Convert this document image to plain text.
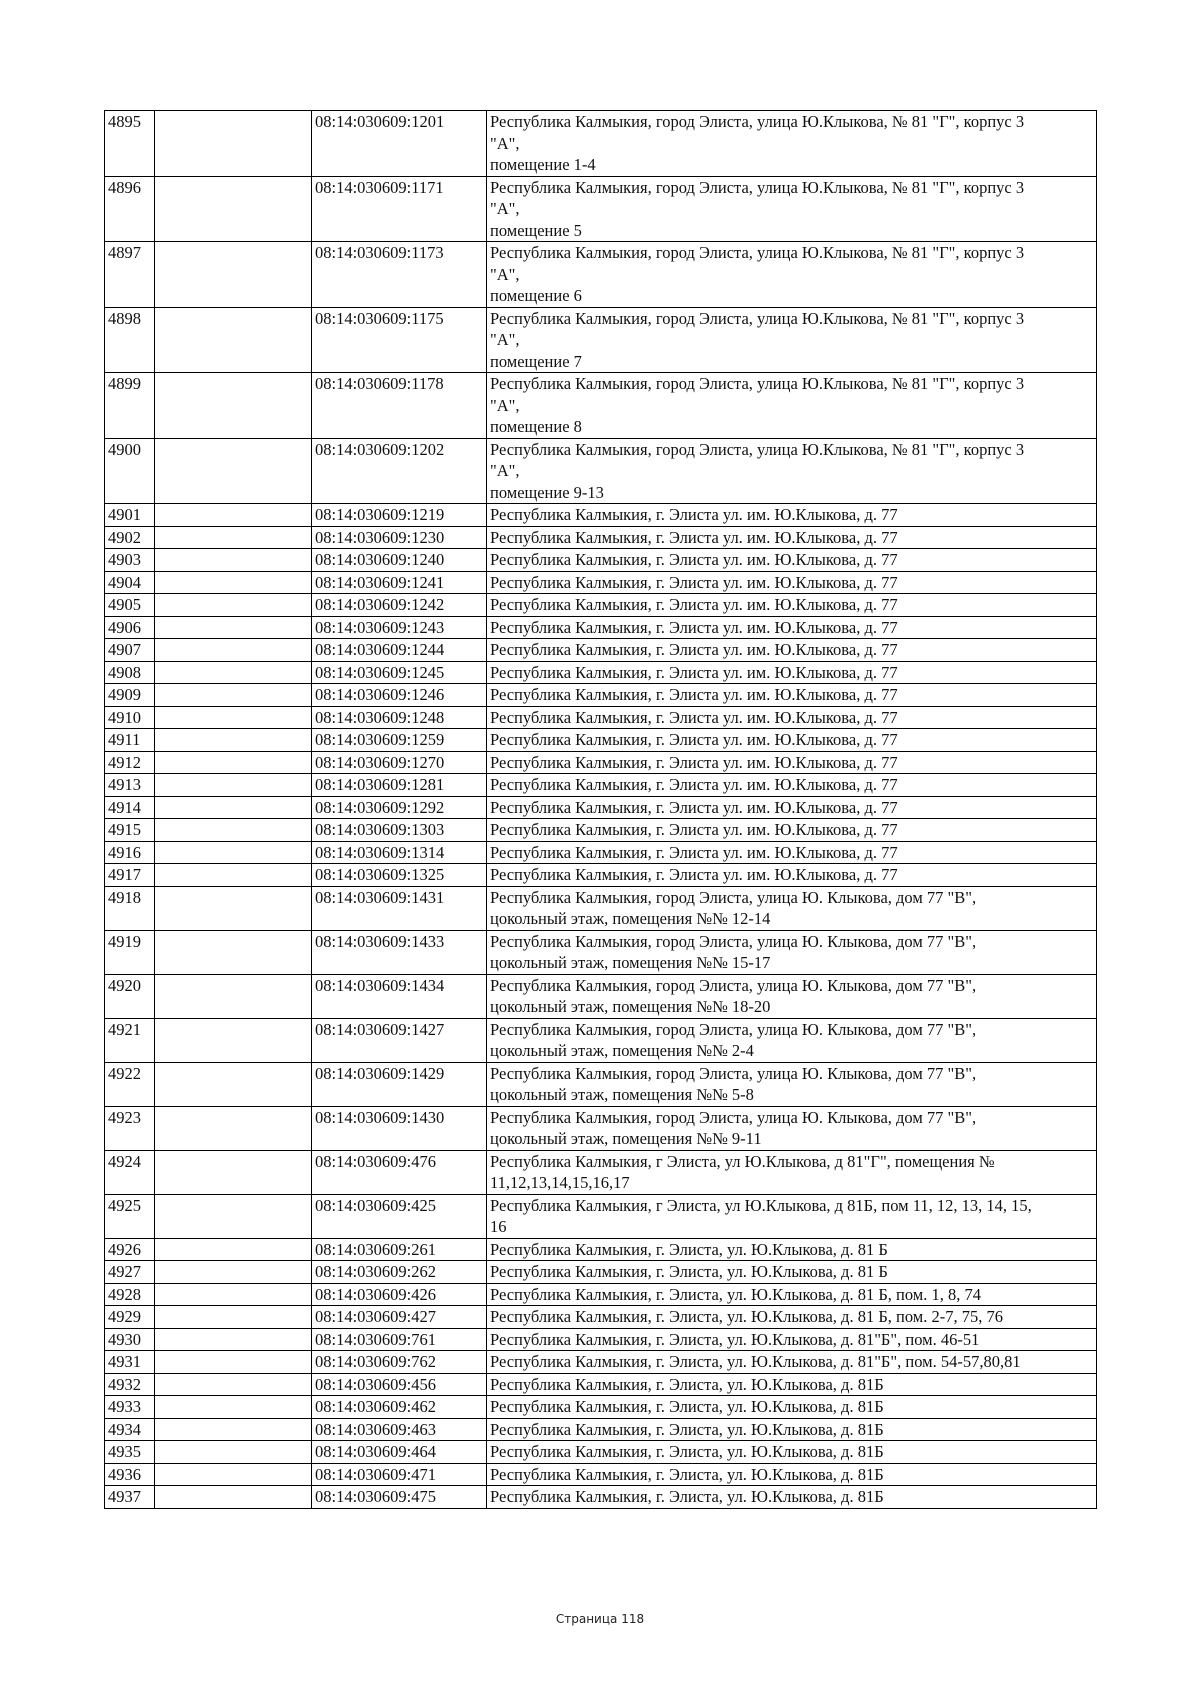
4895		08:14:030609:1201	Республика Калмыкия, город Элиста, улица Ю.Клыкова, № 81 "Г", корпус 3
"А",
помещение 1-4
4896		08:14:030609:1171	Республика Калмыкия, город Элиста, улица Ю.Клыкова, № 81 "Г", корпус 3
"А",
помещение 5
4897		08:14:030609:1173	Республика Калмыкия, город Элиста, улица Ю.Клыкова, № 81 "Г", корпус 3
"А",
помещение 6
4898		08:14:030609:1175	Республика Калмыкия, город Элиста, улица Ю.Клыкова, № 81 "Г", корпус 3
"А",
помещение 7
4899		08:14:030609:1178	Республика Калмыкия, город Элиста, улица Ю.Клыкова, № 81 "Г", корпус 3
"А",
помещение 8
4900		08:14:030609:1202	Республика Калмыкия, город Элиста, улица Ю.Клыкова, № 81 "Г", корпус 3
"А",
помещение 9-13
4901		08:14:030609:1219	Республика Калмыкия, г. Элиста ул. им. Ю.Клыкова, д. 77
4902		08:14:030609:1230	Республика Калмыкия, г. Элиста ул. им. Ю.Клыкова, д. 77
4903		08:14:030609:1240	Республика Калмыкия, г. Элиста ул. им. Ю.Клыкова, д. 77
4904		08:14:030609:1241	Республика Калмыкия, г. Элиста ул. им. Ю.Клыкова, д. 77
4905		08:14:030609:1242	Республика Калмыкия, г. Элиста ул. им. Ю.Клыкова, д. 77
4906		08:14:030609:1243	Республика Калмыкия, г. Элиста ул. им. Ю.Клыкова, д. 77
4907		08:14:030609:1244	Республика Калмыкия, г. Элиста ул. им. Ю.Клыкова, д. 77
4908		08:14:030609:1245	Республика Калмыкия, г. Элиста ул. им. Ю.Клыкова, д. 77
4909		08:14:030609:1246	Республика Калмыкия, г. Элиста ул. им. Ю.Клыкова, д. 77
4910		08:14:030609:1248	Республика Калмыкия, г. Элиста ул. им. Ю.Клыкова, д. 77
4911		08:14:030609:1259	Республика Калмыкия, г. Элиста ул. им. Ю.Клыкова, д. 77
4912		08:14:030609:1270	Республика Калмыкия, г. Элиста ул. им. Ю.Клыкова, д. 77
4913		08:14:030609:1281	Республика Калмыкия, г. Элиста ул. им. Ю.Клыкова, д. 77
4914		08:14:030609:1292	Республика Калмыкия, г. Элиста ул. им. Ю.Клыкова, д. 77
4915		08:14:030609:1303	Республика Калмыкия, г. Элиста ул. им. Ю.Клыкова, д. 77
4916		08:14:030609:1314	Республика Калмыкия, г. Элиста ул. им. Ю.Клыкова, д. 77
4917		08:14:030609:1325	Республика Калмыкия, г. Элиста ул. им. Ю.Клыкова, д. 77
4918		08:14:030609:1431	Республика Калмыкия, город Элиста, улица Ю. Клыкова, дом 77 "В",
цокольный этаж, помещения №№ 12-14
4919		08:14:030609:1433	Республика Калмыкия, город Элиста, улица Ю. Клыкова, дом 77 "В",
цокольный этаж, помещения №№ 15-17
4920		08:14:030609:1434	Республика Калмыкия, город Элиста, улица Ю. Клыкова, дом 77 "В",
цокольный этаж, помещения №№ 18-20
4921		08:14:030609:1427	Республика Калмыкия, город Элиста, улица Ю. Клыкова, дом 77 "В",
цокольный этаж, помещения №№ 2-4
4922		08:14:030609:1429	Республика Калмыкия, город Элиста, улица Ю. Клыкова, дом 77 "В",
цокольный этаж, помещения №№ 5-8
4923		08:14:030609:1430	Республика Калмыкия, город Элиста, улица Ю. Клыкова, дом 77 "В",
цокольный этаж, помещения №№ 9-11
4924		08:14:030609:476	Республика Калмыкия, г Элиста, ул Ю.Клыкова, д 81"Г", помещения №
11,12,13,14,15,16,17
4925		08:14:030609:425	Республика Калмыкия, г Элиста, ул Ю.Клыкова, д 81Б, пом 11, 12, 13, 14, 15,
16
4926		08:14:030609:261	Республика Калмыкия, г. Элиста, ул. Ю.Клыкова, д. 81 Б
4927		08:14:030609:262	Республика Калмыкия, г. Элиста, ул. Ю.Клыкова, д. 81 Б
4928		08:14:030609:426	Республика Калмыкия, г. Элиста, ул. Ю.Клыкова, д. 81 Б, пом. 1, 8, 74
4929		08:14:030609:427	Республика Калмыкия, г. Элиста, ул. Ю.Клыкова, д. 81 Б, пом. 2-7, 75, 76

4930		08:14:030609:761	Республика Калмыкия, г. Элиста, ул. Ю.Клыкова, д. 81"Б", пом. 46-51
4931		08:14:030609:762	Республика Калмыкия, г. Элиста, ул. Ю.Клыкова, д. 81"Б", пом. 54-57,80,81

4932		08:14:030609:456	Республика Калмыкия, г. Элиста, ул. Ю.Клыкова, д. 81Б
4933		08:14:030609:462	Республика Калмыкия, г. Элиста, ул. Ю.Клыкова, д. 81Б
4934		08:14:030609:463	Республика Калмыкия, г. Элиста, ул. Ю.Клыкова, д. 81Б
4935		08:14:030609:464	Республика Калмыкия, г. Элиста, ул. Ю.Клыкова, д. 81Б
4936		08:14:030609:471	Республика Калмыкия, г. Элиста, ул. Ю.Клыкова, д. 81Б
4937		08:14:030609:475	Республика Калмыкия, г. Элиста, ул. Ю.Клыкова, д. 81Б
Страница 118
